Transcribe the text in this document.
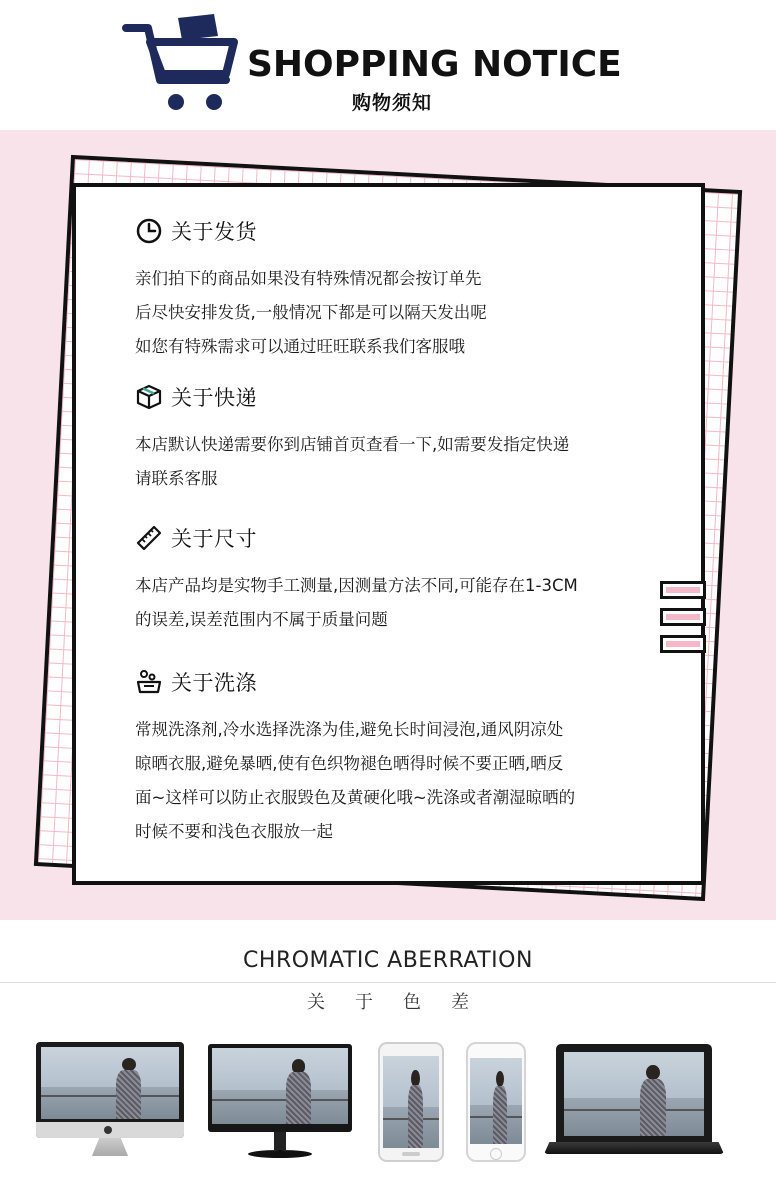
SHOPPING NOTICE
购物须知
关于发货
亲们拍下的商品如果没有特殊情况都会按订单先
后尽快安排发货,一般情况下都是可以隔天发出呢
如您有特殊需求可以通过旺旺联系我们客服哦
关于快递
本店默认快递需要你到店铺首页查看一下,如需要发指定快递
请联系客服
关于尺寸
本店产品均是实物手工测量,因测量方法不同,可能存在1-3CM
的误差,误差范围内不属于质量问题
关于洗涤
常规洗涤剂,冷水选择洗涤为佳,避免长时间浸泡,通风阴凉处
晾晒衣服,避免暴晒,使有色织物褪色晒得时候不要正晒,晒反
面~这样可以防止衣服毁色及黄硬化哦~洗涤或者潮湿晾晒的
时候不要和浅色衣服放一起
CHROMATIC ABERRATION
关于色差
